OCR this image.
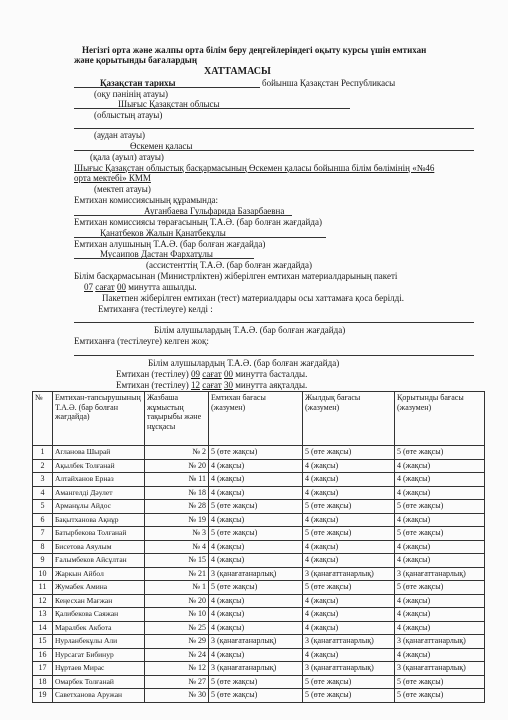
Негізгі орта және жалпы орта білім беру деңгейлеріндегі оқыту курсы үшін емтихан
және қорытынды бағалардың
ХАТТАМАСЫ
Қазақстан тарихы	бойынша Қазақстан Республикасы
(оқу пәнінің атауы)
Шығыс Қазақстан облысы
(облыстың атауы)
(аудан атауы)
Өскемен қаласы
(қала (ауыл) атауы)
Шығыс Қазақстан облыстық басқармасының Өскемен қаласы бойынша білім бөлімінің «№46
орта мектебі» КММ
(мектеп атауы)
Емтихан комиссиясының құрамында:
Ауганбаева Гульфарида Базарбаевна
Емтихан комиссиясы төрағасының Т.А.Ә. (бар болған жағдайда)
Қанатбеков Жалын Қанатбекұлы
Емтихан алушының Т.А.Ә. (бар болған жағдайда)
Мусаипов Дастан Фархатұлы
(ассистенттің Т.А.Ә. (бар болған жағдайда)
Білім басқармасынан (Министрліктен) жіберілген емтихан материалдарының пакеті
07 сағат 00 минутта ашылды.
Пакетпен жіберілген емтихан (тест) материалдары осы хаттамаға қоса берілді.
Емтиханға (тестілеуге) келді :
Білім алушылардың Т.А.Ә. (бар болған жағдайда)
Емтиханға (тестілеуге) келген жоқ:
Білім алушылардың Т.А.Ә. (бар болған жағдайда)
Емтихан (тестілеу) 09 сағат 00 минутта басталды.
Емтихан (тестілеу) 12 сағат 30 минутта аяқталды.
№	Емтихан-тапсырушының Т.А.Ә. (бар болған жағдайда)	Жазбаша жұмыстың тақырыбы және нұсқасы	Емтихан бағасы (жазумен)	Жылдық бағасы (жазумен)	Қорытынды бағасы (жазумен)
1	Агланова Шырай	№ 2	5 (өте жақсы)	5 (өте жақсы)	5 (өте жақсы)
2	Ақылбек Толғанай	№ 20	4 (жақсы)	4 (жақсы)	4 (жақсы)
3	Алтайханов Ерназ	№ 11	4 (жақсы)	4 (жақсы)	4 (жақсы)
4	Амангелді Дәулет	№ 18	4 (жақсы)	4 (жақсы)	4 (жақсы)
5	Арманұлы Айдос	№ 28	5 (өте жақсы)	5 (өте жақсы)	5 (өте жақсы)
6	Бақытханова Ақнұр	№ 19	4 (жақсы)	4 (жақсы)	4 (жақсы)
7	Батырбекова Толғанай	№ 3	5 (өте жақсы)	5 (өте жақсы)	5 (өте жақсы)
8	Бисетова Аяулым	№ 4	4 (жақсы)	4 (жақсы)	4 (жақсы)
9	Ғалымбеков Айсұлтан	№ 15	4 (жақсы)	4 (жақсы)	4 (жақсы)
10	Жаркын Айбол	№ 21	3 (қанағатанарлық)	3 (қанағаттанарлық)	3 (қанағаттанарлық)
11	Жумабек Амина	№ 1	5 (өте жақсы)	5 (өте жақсы)	5 (өте жақсы)
12	Кеңесхан Мағжан	№ 20	4 (жақсы)	4 (жақсы)	4 (жақсы)
13	Қалибекова Саяжан	№ 10	4 (жақсы)	4 (жақсы)	4 (жақсы)
14	Маралбек Акбота	№ 25	4 (жақсы)	4 (жақсы)	4 (жақсы)
15	Нурланбекұлы Али	№ 29	3 (қанағатанарлық)	3 (қанағаттанарлық)	3 (қанағаттанарлық)
16	Нурсагат Бибинур	№ 24	4 (жақсы)	4 (жақсы)	4 (жақсы)
17	Нұртаев Мирас	№ 12	3 (қанағатанарлық)	3 (қанағаттанарлық)	3 (қанағаттанарлық)
18	Омарбек Толғанай	№ 27	5 (өте жақсы)	5 (өте жақсы)	5 (өте жақсы)
19	Саветханова Аружан	№ 30	5 (өте жақсы)	5 (өте жақсы)	5 (өте жақсы)
